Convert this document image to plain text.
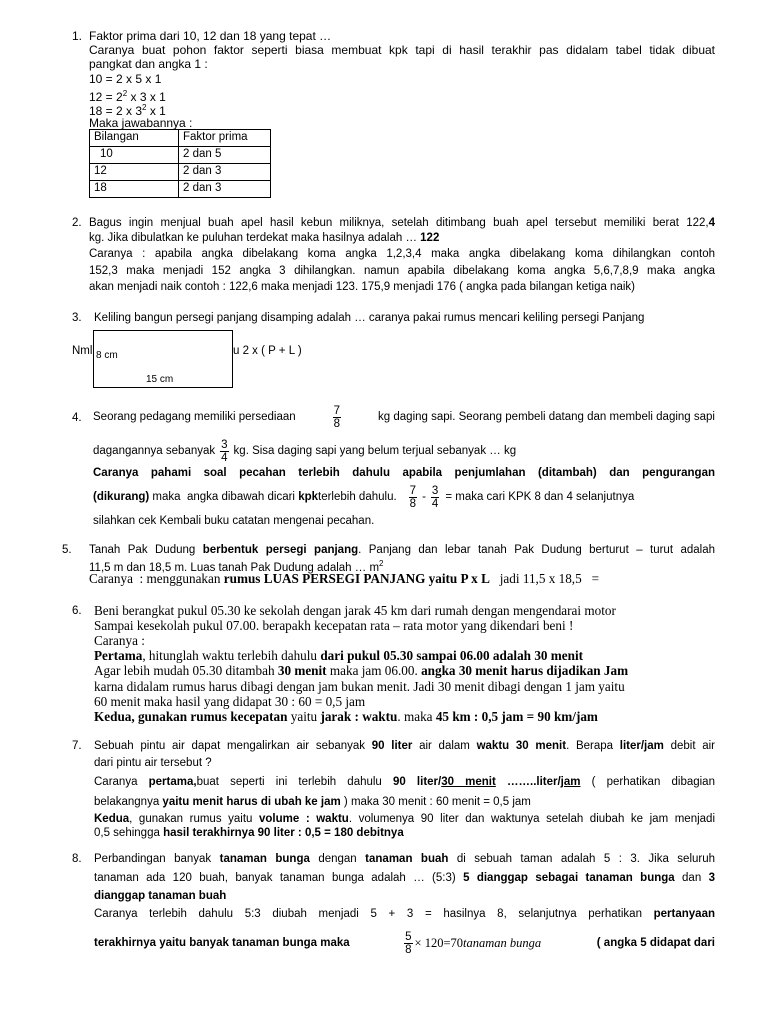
1. Faktor prima dari 10, 12 dan 18 yang tepat …
Caranya buat pohon faktor seperti biasa membuat kpk tapi di hasil terakhir pas didalam tabel tidak dibuat
pangkat dan angka 1 :
10 = 2 x 5 x 1
$12 = 2^2$ x 3 x 1
18 = 2 x $3^2$ x 1
Maka jawabannya :
Bilangan	Faktor prima
10	2 dan 5
12	2 dan 3
18	2 dan 3
2. Bagus ingin menjual buah apel hasil kebun miliknya, setelah ditimbang buah apel tersebut memiliki berat 122,4
kg. Jika dibulatkan ke puluhan terdekat maka hasilnya adalah … 122
Caranya : apabila angka dibelakang koma angka 1,2,3,4 maka angka dibelakang koma dihilangkan contoh
152,3 maka menjadi 152 angka 3 dihilangkan. namun apabila dibelakang koma angka 5,6,7,8,9 maka angka
akan menjadi naik contoh : 122,6 maka menjadi 123. 175,9 menjadi 176 ( angka pada bilangan ketiga naik)
3. Keliling bangun persegi panjang disamping adalah … caranya pakai rumus mencari keliling persegi Panjang
Nml 8 cm
15 cm
u 2 x ( P + L )
4. Seorang pedagang memiliki persediaan	$\frac{7}{8}$	kg daging sapi. Seorang pembeli datang dan membeli daging sapi
dagangannya sebanyak $\frac{3}{4}$ kg. Sisa daging sapi yang belum terjual sebanyak … kg
Caranya pahami soal pecahan terlebih dahulu apabila penjumlahan (ditambah) dan pengurangan
(dikurang) maka  angka dibawah dicari kpk terlebih dahulu. $\frac{7}{8} - \frac{3}{4}$ = maka cari KPK 8 dan 4 selanjutnya
silahkan cek Kembali buku catatan mengenai pecahan.
5. Tanah Pak Dudung berbentuk persegi panjang. Panjang dan lebar tanah Pak Dudung berturut – turut adalah
11,5 m dan 18,5 m. Luas tanah Pak Dudung adalah … $m^2$
Caranya  : menggunakan rumus LUAS PERSEGI PANJANG yaitu P x L   jadi 11,5 x 18,5   =
6. Beni berangkat pukul 05.30 ke sekolah dengan jarak 45 km dari rumah dengan mengendarai motor
Sampai kesekolah pukul 07.00. berapakh kecepatan rata – rata motor yang dikendari beni !
Caranya :
Pertama, hitunglah waktu terlebih dahulu dari pukul 05.30 sampai 06.00 adalah 30 menit
Agar lebih mudah 05.30 ditambah 30 menit maka jam 06.00. angka 30 menit harus dijadikan Jam
karna didalam rumus harus dibagi dengan jam bukan menit. Jadi 30 menit dibagi dengan 1 jam yaitu
60 menit maka hasil yang didapat 30 : 60 = 0,5 jam
Kedua, gunakan rumus kecepatan yaitu jarak : waktu. maka 45 km : 0,5 jam = 90 km/jam
7. Sebuah pintu air dapat mengalirkan air sebanyak 90 liter air dalam waktu 30 menit. Berapa liter/jam debit air
dari pintu air tersebut ?
Caranya pertama,buat seperti ini terlebih dahulu 90 liter/30 menit ……..liter/jam ( perhatikan dibagian
belakangnya yaitu menit harus di ubah ke jam ) maka 30 menit : 60 menit = 0,5 jam
Kedua, gunakan rumus yaitu volume : waktu. volumenya 90 liter dan waktunya setelah diubah ke jam menjadi
0,5 sehingga hasil terakhirnya 90 liter : 0,5 = 180 debitnya
8. Perbandingan banyak tanaman bunga dengan tanaman buah di sebuah taman adalah 5 : 3. Jika seluruh
tanaman ada 120 buah, banyak tanaman bunga adalah … (5:3) 5 dianggap sebagai tanaman bunga dan 3
dianggap tanaman buah
Caranya terlebih dahulu 5:3 diubah menjadi 5 + 3 = hasilnya 8, selanjutnya perhatikan pertanyaan
terakhirnya yaitu banyak tanaman bunga maka	$\frac{5}{8} \times 120=70$ tanaman bunga	( angka 5 didapat dari
